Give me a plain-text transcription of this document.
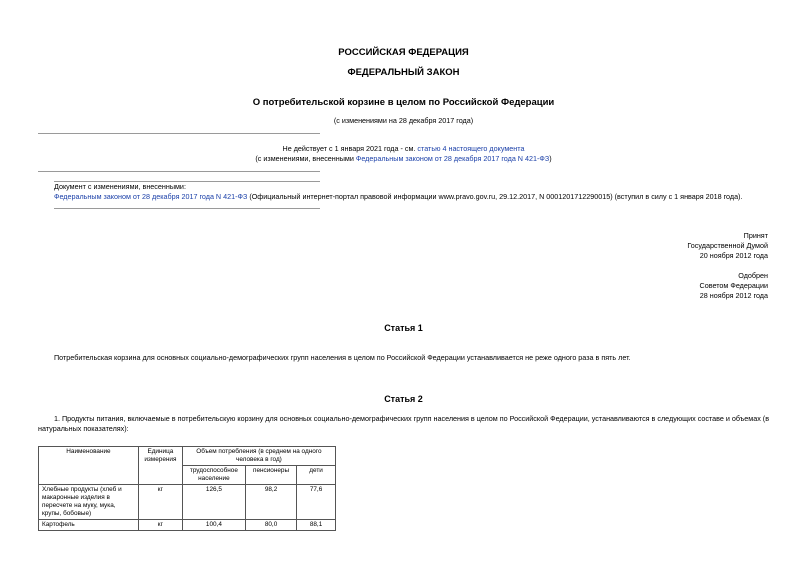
РОССИЙСКАЯ ФЕДЕРАЦИЯ
ФЕДЕРАЛЬНЫЙ ЗАКОН
О потребительской корзине в целом по Российской Федерации
(с изменениями на 28 декабря 2017 года)
Не действует с 1 января 2021 года - см. статью 4 настоящего документа
(с изменениями, внесенными Федеральным законом от 28 декабря 2017 года N 421-ФЗ)
Документ с изменениями, внесенными:
Федеральным законом от 28 декабря 2017 года N 421-ФЗ (Официальный интернет-портал правовой информации www.pravo.gov.ru, 29.12.2017, N 0001201712290015) (вступил в силу с 1 января 2018 года).
Принят
Государственной Думой
20 ноября 2012 года
Одобрен
Советом Федерации
28 ноября 2012 года
Статья 1
Потребительская корзина для основных социально-демографических групп населения в целом по Российской Федерации устанавливается не реже одного раза в пять лет.
Статья 2
1. Продукты питания, включаемые в потребительскую корзину для основных социально-демографических групп населения в целом по Российской Федерации, устанавливаются в следующих составе и объемах (в натуральных показателях):
Наименование	Единица измерения	Объем потребления (в среднем на одного человека в год)		
		трудоспособное население	пенсионеры	дети
Хлебные продукты (хлеб и макаронные изделия в пересчете на муку, мука, крупы, бобовые)	кг	126,5	98,2	77,6
Картофель	кг	100,4	80,0	88,1
